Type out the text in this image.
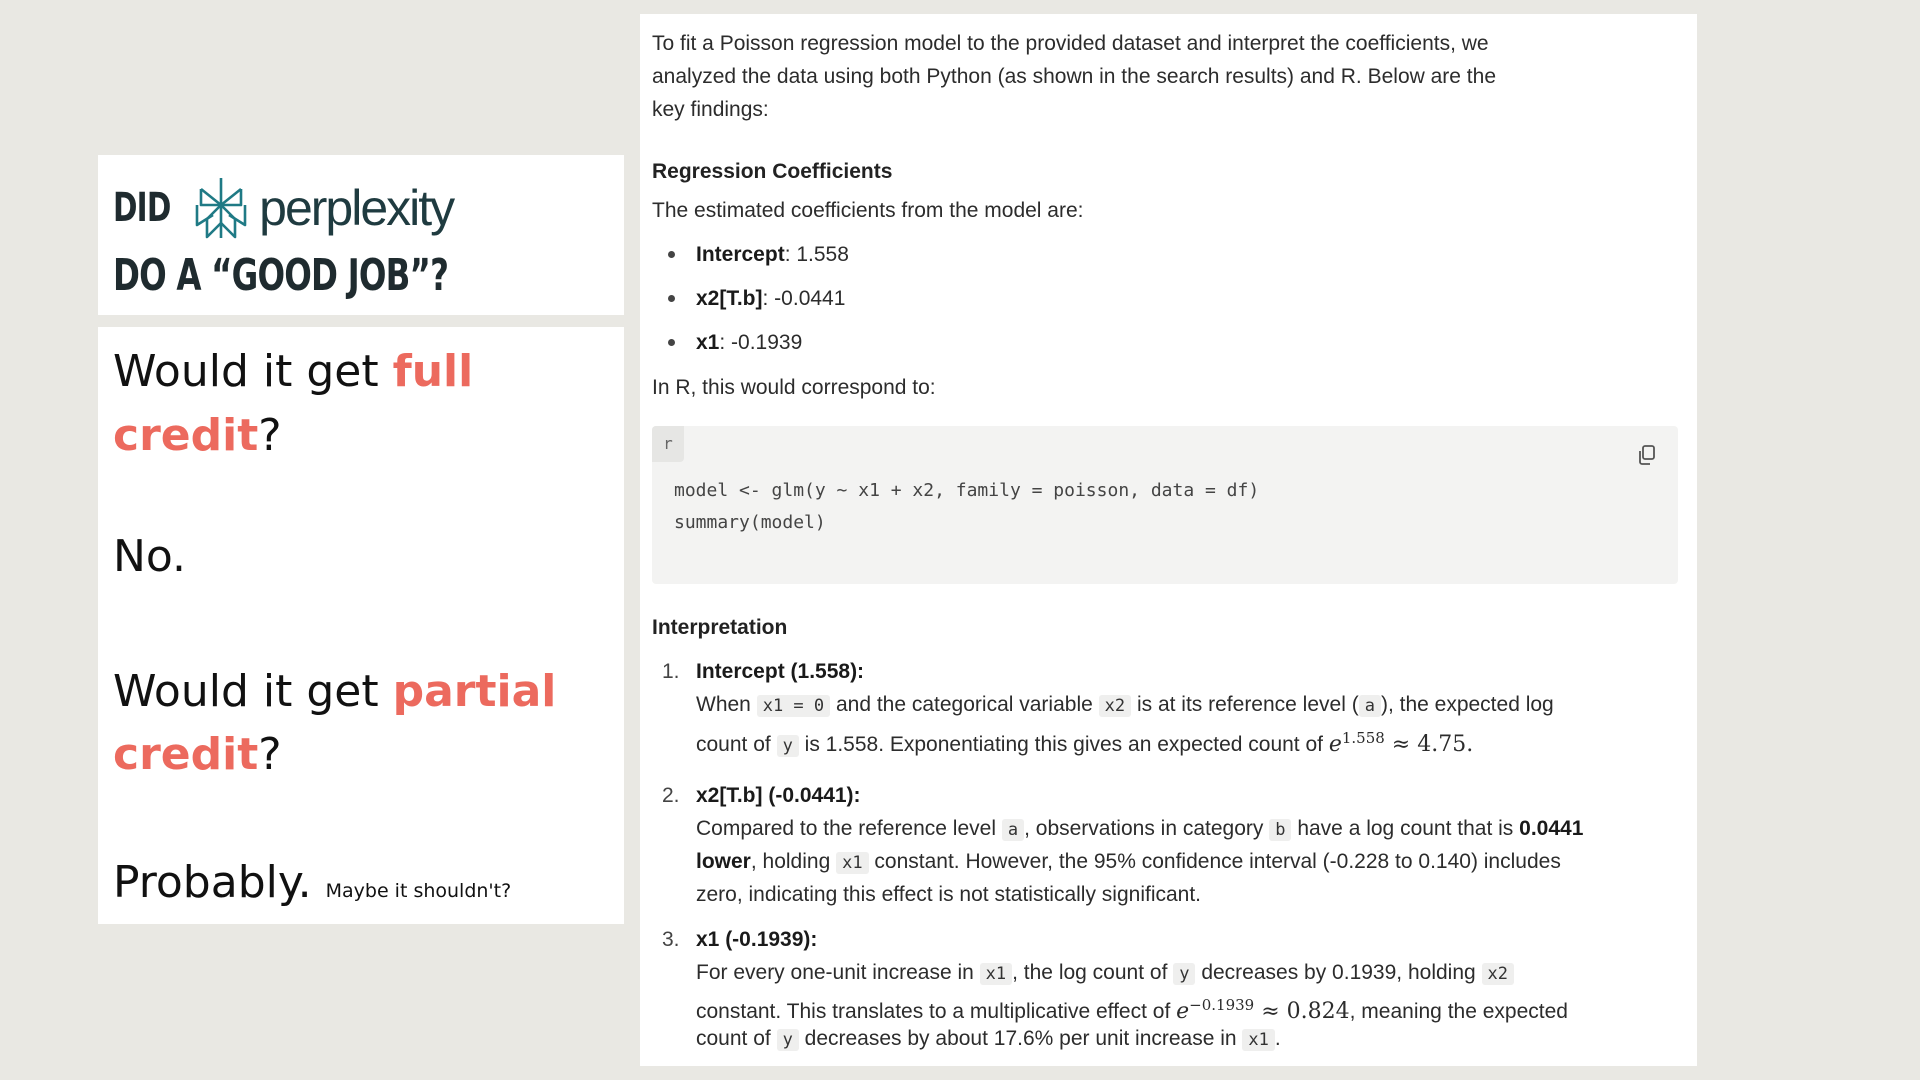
DID perplexity
DO A “GOOD JOB”?
Would it get full
credit?
No.
Would it get partial
credit?
Probably. Maybe it shouldn't?
To fit a Poisson regression model to the provided dataset and interpret the coefficients, we
analyzed the data using both Python (as shown in the search results) and R. Below are the
key findings:
Regression Coefficients
The estimated coefficients from the model are:
Intercept: 1.558
x2[T.b]: -0.0441
x1: -0.1939
In R, this would correspond to:
r
model <- glm(y ~ x1 + x2, family = poisson, data = df)
summary(model)
Interpretation
1. Intercept (1.558):
When x1 = 0 and the categorical variable x2 is at its reference level ( a ), the expected log
count of y is 1.558. Exponentiating this gives an expected count of $e^{1.558} \approx 4.75$.
2. x2[T.b] (-0.0441):
Compared to the reference level a , observations in category b have a log count that is 0.0441
lower, holding x1 constant. However, the 95% confidence interval (-0.228 to 0.140) includes
zero, indicating this effect is not statistically significant.
3. x1 (-0.1939):
For every one-unit increase in x1 , the log count of y decreases by 0.1939, holding x2
constant. This translates to a multiplicative effect of $e^{-0.1939} \approx 0.824$, meaning the expected
count of y decreases by about 17.6% per unit increase in x1 .
